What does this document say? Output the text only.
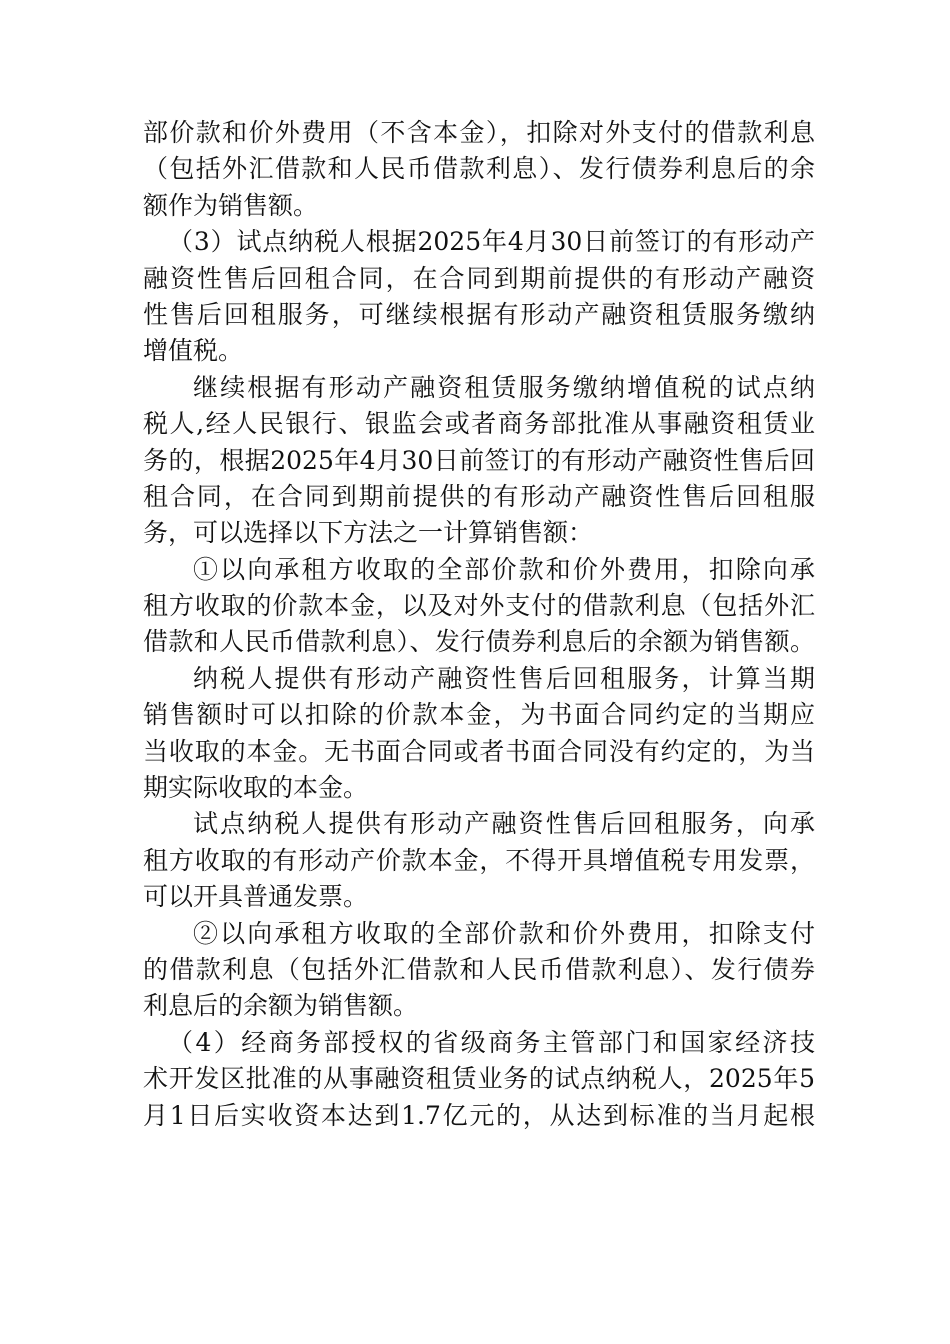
部价款和价外费用（不含本金），扣除对外支付的借款利息
（包括外汇借款和人民币借款利息）、发行债券利息后的余
额作为销售额。
（3）试点纳税人根据2025年4月30日前签订的有形动产
融资性售后回租合同，在合同到期前提供的有形动产融资
性售后回租服务，可继续根据有形动产融资租赁服务缴纳
增值税。
继续根据有形动产融资租赁服务缴纳增值税的试点纳
税人,经人民银行、银监会或者商务部批准从事融资租赁业
务的，根据2025年4月30日前签订的有形动产融资性售后回
租合同，在合同到期前提供的有形动产融资性售后回租服
务，可以选择以下方法之一计算销售额：
①以向承租方收取的全部价款和价外费用，扣除向承
租方收取的价款本金，以及对外支付的借款利息（包括外汇
借款和人民币借款利息）、发行债券利息后的余额为销售额。
纳税人提供有形动产融资性售后回租服务，计算当期
销售额时可以扣除的价款本金，为书面合同约定的当期应
当收取的本金。无书面合同或者书面合同没有约定的，为当
期实际收取的本金。
试点纳税人提供有形动产融资性售后回租服务，向承
租方收取的有形动产价款本金，不得开具增值税专用发票，
可以开具普通发票。
②以向承租方收取的全部价款和价外费用，扣除支付
的借款利息（包括外汇借款和人民币借款利息）、发行债券
利息后的余额为销售额。
（4）经商务部授权的省级商务主管部门和国家经济技
术开发区批准的从事融资租赁业务的试点纳税人，2025年5
月1日后实收资本达到1.7亿元的，从达到标准的当月起根
